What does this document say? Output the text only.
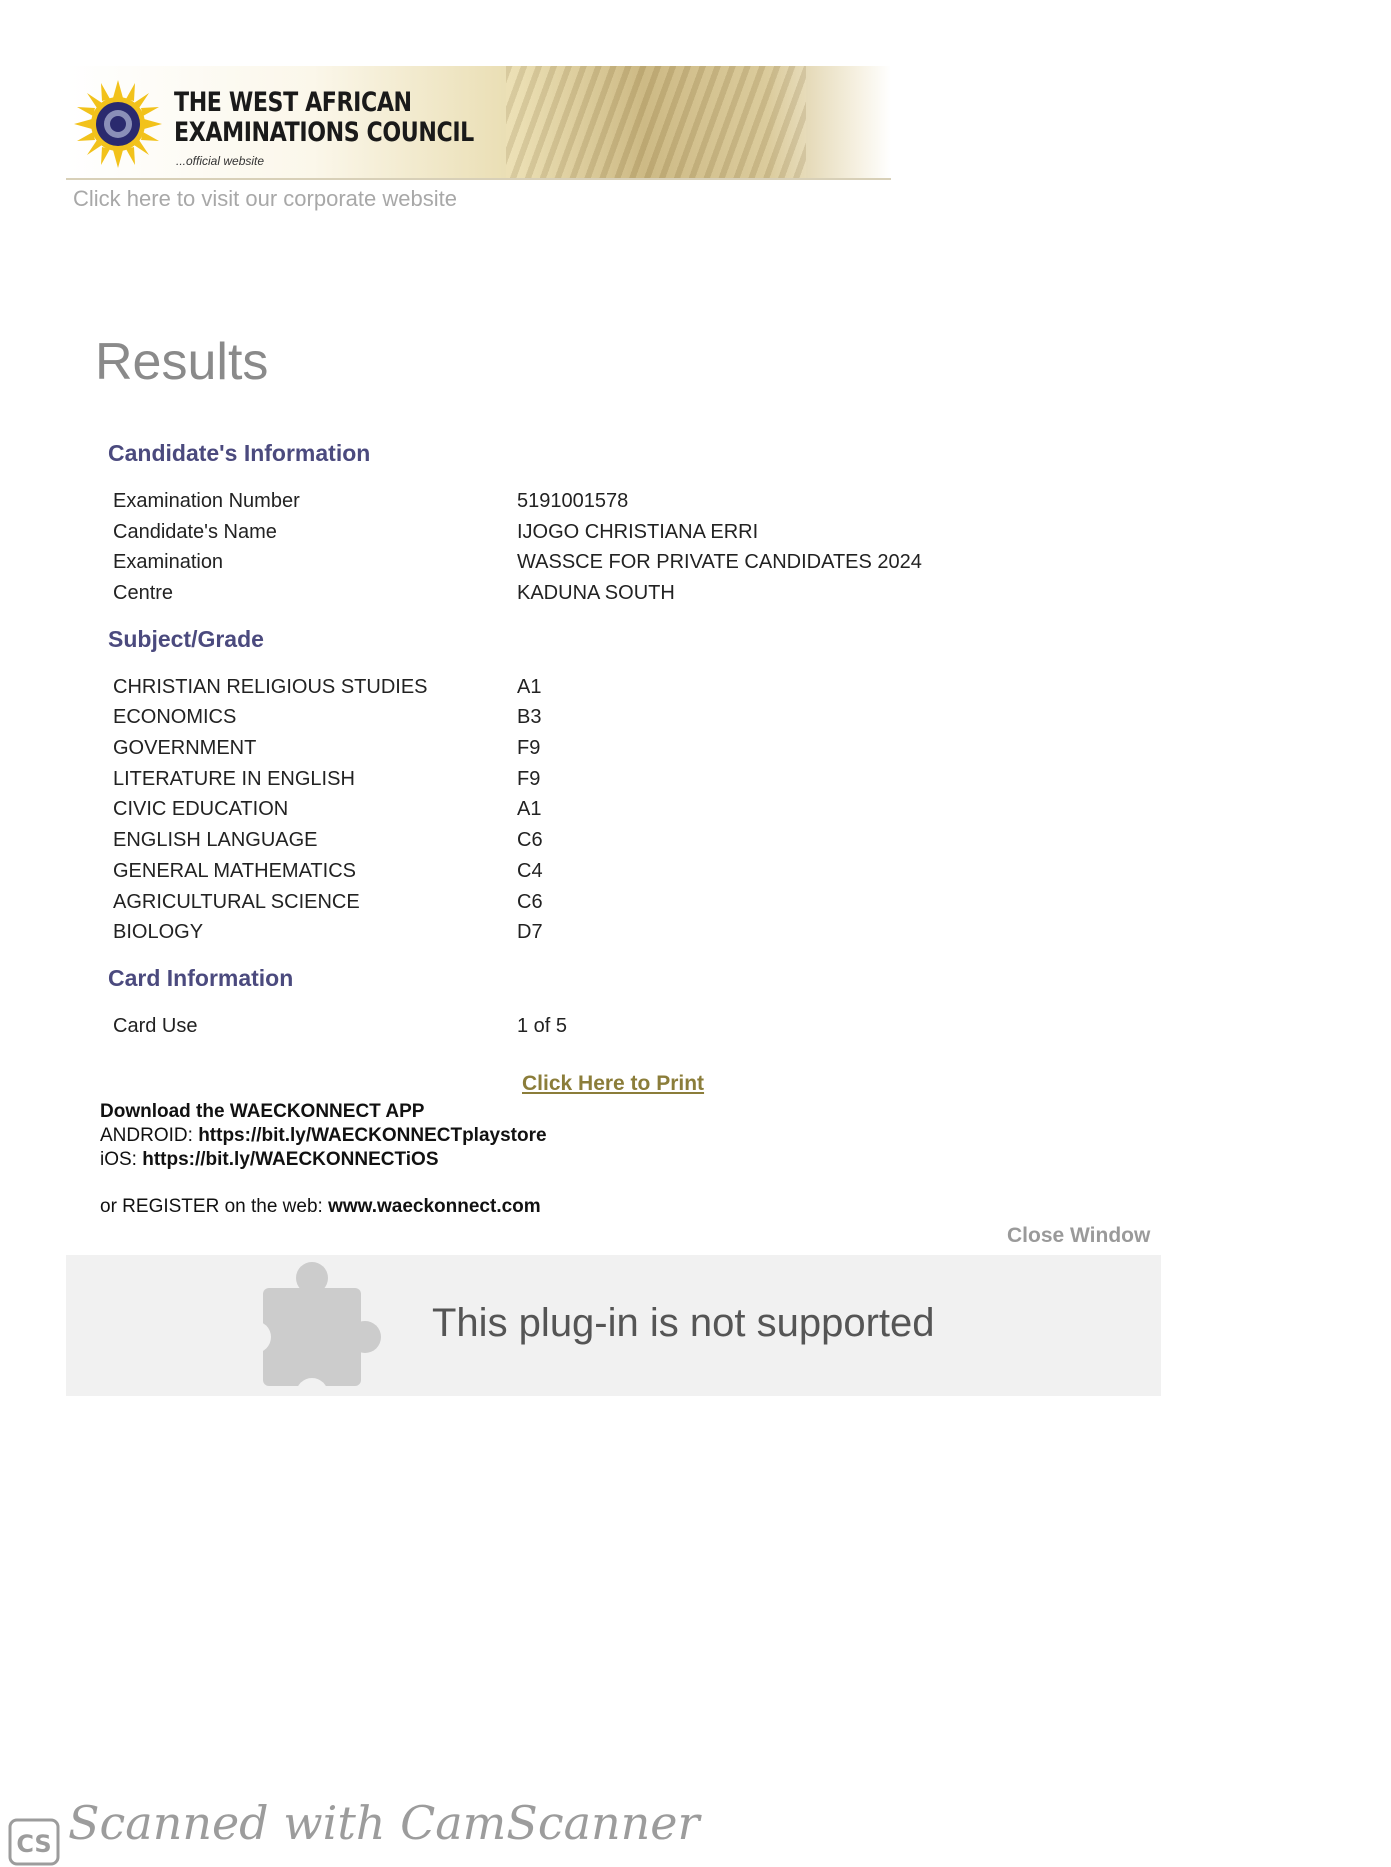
THE WEST AFRICAN
EXAMINATIONS COUNCIL
...official website
Click here to visit our corporate website
Results
Candidate's Information
Examination Number	5191001578
Candidate's Name	IJOGO CHRISTIANA ERRI
Examination	WASSCE FOR PRIVATE CANDIDATES 2024
Centre	KADUNA SOUTH
Subject/Grade
CHRISTIAN RELIGIOUS STUDIES	A1
ECONOMICS	B3
GOVERNMENT	F9
LITERATURE IN ENGLISH	F9
CIVIC EDUCATION	A1
ENGLISH LANGUAGE	C6
GENERAL MATHEMATICS	C4
AGRICULTURAL SCIENCE	C6
BIOLOGY	D7
Card Information
Card Use	1 of 5
Click Here to Print
Download the WAECKONNECT APP
ANDROID: https://bit.ly/WAECKONNECTplaystore
iOS: https://bit.ly/WAECKONNECTiOS
or REGISTER on the web: www.waeckonnect.com
Close Window
This plug-in is not supported
CS Scanned with CamScanner
